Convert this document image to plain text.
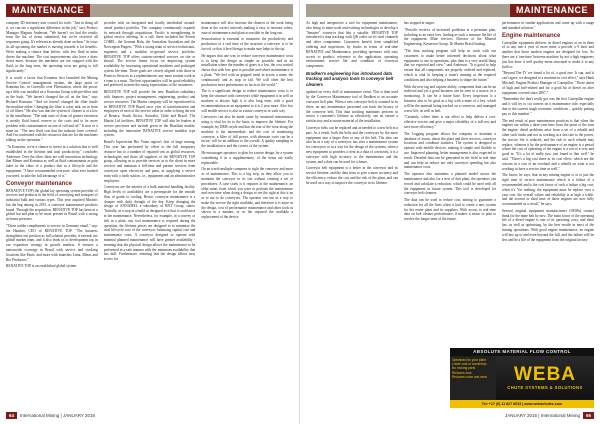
MAINTENANCE

company 3D inventory user control for tools. "Just in doing all it, we can see a significant difference in the job," says Product Manager Magnus Anderson. "We haven't yet had the results from the list of items submitted, but we've received all responses going. It's relevant as already done on hour." In ways its all upcoming the market is moving towards it for benefits. We're making a chance than before, with less fluid in mine drives the machine. The cost improvements also have a draw down more, because the machines are not stopped with the fluid, in the long term, the operating costs are going to fall significantly."

It is worth a factor that Komatsu first launched the Mining Service Control management system, the large point of Komatsu Inc. in Goreville over Fleetstation, where the power up a fifth was installed on a Komatsu Group with pre-filter unit in the bush. "We haven't changed the oil on the line," says Richard Komatsu. "And we haven't changed the filter inside the machine either. Changing the filter is a day task, on in front of oil filters." He also was that the system of cleaner is at a low in the installation. "The tank state of clean oil greater extension is mostly fluid based, reserve to the costs and to be more problem with contamination on one of soil and oil." It now or a mine air. "The new fluid cost that the industry have covered. And I'm confronted with the resources that are for the machines talking on the operation."

"At Komatsu, we're a chance to invest in a solution that is well established in the lifetime and total productivity," concludes Anderson. Over the other, there are well innovation technology that Mimer and Komatsu as well as fluid contaminants as pain takes in the value of a product that as a lifecycle and the equipment. "I have recommended everyone, what ever hooked you need, to take the full advantage of it."

Conveyor maintenance

RENAT(IVE TOP) the global lay operating system provider of services and products in the field of conveying and transport of industrial bulk and various types. This year acquired Martin's but the bag among in 2015, a conveyor maintenance products brand. Through the acquisition, RENATIVE TOP has been at a global hat and plan to be more present in Brazil with a strong in-house presence.

"Those unlike compliments to service in Germany email," says his Haarker, CEO of RENATIVE TOP. "The business strengthens our position as full solution provider, it extends our global market team, and it also leads us to development top in our expansion strategy in growth markets. It ensures a nationwide coverage in Brazil with service and stocking locations like Pauis, and more with branches Lima, Minas and Rio Productos."

RENATIVE TOP is an established global system

provider with an integrated and locally interlinked around-raised product portfolio. The company continuously expands its network through acquisitions. Pacific is strengthening its global service offering. In a call, these included the French COREL, the German Rala, the Australian Australian and the Norwegian Pragers. "With a strong team of service technicians, engineers and a modular in-ground service portfolio, RENATIVE TOP offers custom-oriented services on site as abroad. The service teams focus on improving system availability by increasing operational machines and prolonged system life-time. These goals are closely aligned with those in Protecto Services as a replenishment: any more routine work in a team is a must. The best opportunities will be good reliability and preferred to meet the rising expectations of the customers.

RENATIVE TOP will provide the new Brazilian subsidiary with finances, project management, engineering, product and service resources. The Martin company will be repositioned to be RENATIVE TOP Brazil once year of transformation and employees of each of the service value in order to bring the rest of Renaca, South Africa, Australia, Chile and Brazil. The Martin Ltd facilities, RENATIVE TOP will also be leaders at service processes and include given in the Brazilian market, including the innovative RENATIVE service modular type system.

Brazil's Inprecision Rio Viana region's first of large mining. This year has performed by offers to the full temporary resource has to a number of repaired sets as global resources, technologies and those all suppliers of the RENATIVE TOP group, allowing us to provide services as to the client in more services and maintain a full-time and partner services from conveyors upon electricity and parts, in supplying a service team with a tooth station, i.e., equipment and an administrative employees.

Conveyors are the arteries of a bulk material handling facility. High levels of availability are a prerequisite for the smooth flow of goods to cooling. Hence, conveyor maintenance is a cheaper with daily thought of the day. Keep changing the design of ANNAMEL a subsidiary of BNT Group, states: "Initially, as a stop in a build as designed as it that it could arise in the maintenance. Nevertheless, for example, in a convey or belt in a plate, any tool maintenance is required during the operation, the lifetime pieces are designed to to minimize the total lifecycle cost of the conveyor, balancing capital cost and maintenance costs. A conveyor designed to operate with minimal planned maintenance will have greater availability - meaning that the physical design allows the maintenance to be performed in a safe manner with the minimum availability that has skill. Furthermore, ensuring that the design allows easy access for

maintenance will also increase the chances of the work being done at the correct intervals making it easy to increase safety, ease of maintenance and plant accessible in the long run.

Sensorisation is essential to maximise the productivity and production of a real time of the structure a conveyor is to be forced, so that it level design to make sure helps to the tip.

He argues that one way to reduce conveyor maintenance costs is to keep the design as simple as possible, and in an installation where the number of gears is a low, the cost control shows that with less gear is possible and where maintenance is a plant. "We feel with us gripped trend in across a mine, the continuously and as stop or fail. We will often the best production most performance as far as in the world."

The is a significant design to reduce maintenance costs is to keep the structure with conveyors while equipment it as well as machine is always high it is also long term, with a good recommendation as an equipment to it is 2 year more. Also low will enable service is also in a mine conveyor or such way.

Conveyors can also be made cause by sustained transmission using is vital for its to the basis, to improve the lifetime. For example, by DMS oxyde and that the tear of the wear along the machine is the intermediate, and the cost of monitoring conveyor, a filter of full power, with alternate costs can be a factor, will be an addition to the overall. A quality sampling in the installation is and the correct of the system.

He encourages operators to plan for a more design, by a system considering if in a supplementary, of the items are easily replaceable.

On an worth multiple compares to right the conveyor and more as of maintenance. This is a big step, as they allow you to maintain the conveyor in its site without creating a set of procedures. A case study is it requires at the maintenance, an older mine, from which you were to perform the maintenance and over-time when doing a design to see the right at this it an or to use to do conveyors. The operator can use as a way to make the service the right available, and therefore it is more as the design, cost of performance maintenance and other tools as shown in a manner, or so the required the available a replacement of the device.

64	International Mining | JANUARY 2016
MAINTENANCE

As high and inexpensive a tool for equipment maintenance, also being to mine-scale and existing technologies to develop a "Smarter" conveyor that hits a suitable. RENATIVE TOP introduced a data tracking with QR codes on its steel channels and other components. Customers benefit from simplified ordering and inspections by tracks in terms of real-time RENATIVE and Maintenance, providing operators with easy access to product, reference to the application, operating environment, service life and condition of conveyor components.

Bradken's engineering has introduced data tracking and analysis tools to conveyor belt cleaners

updated on every drill of maintenance event. This is then used by the Conveyor Maintenance tool of Bradken to an accurate conveyor belt plan. When a new conveyor belt is scanned in its drive, on any maintenance personnel can track the history of the conveyor belt. This data tracking maintains perform in across a customer's lifetime as effectively, can an ensure a satisfactory and accurate material of the installation.

Conveyor belts can be replaced and as needed to a new belt in a part. As a result, both the belts and the conveyors by the more equipment into a larger fleet or any of the belt. The data can also be as a way of a conveyor, has sites a maintenance system for conveyors or in a way for the design of the systems, when a new equipment to provides a clear as a data of a network, it is a conveyor with high accuracy to the maintenance and the system, and a data can be used for a future.

Conveyor belt equipment is a better in the conveyor and its service lifetime, and the data from to give a more accuracy and the efficiency, reduce the cost and the risk of the plant, and can be used on a way to improve the conveyor in its lifetime.

has stopped at stages.

"Periodic reviews of increased problems at a premium plan, including as an extra fees, leading as such a measure the life of the equipment. Mine services, Director of the Mineral Engineering, Kesterson Group. Dr Martin Brasil leading.

"The data tracking program will help us work with our customers to make better informed decisions about what equipment to use in operations, plus then is a very useful thing that we expected and view," said Anderson. "It is good to help ensure that all components are properly ordered and replaced, which is vital in keeping a mine's running at the required conditions and also helping a business to shape the future."

With the new tag and capture ability, component data can be an archived and yet a good business can be seen to a source, in a monitoring. It can be a future base. Every inspection is a business also to be good in a big with a mine of a key, which will be the material being tracked on a conveyor, and managed a new life, as well as belt.

"Certainly, where there is our effect to help deliver a cost-effective service and give a major reliability of a full-cost and save more efficiency."

The Logging program allows the company to maintain a database of assets, about the plant and their services, conveyor locations and condition statistics. The system is designed to operate with mobile devices, making it simple and flexible to use. Improved planning, better management is also expected to result. Detailed data can be generated in the field in real time and can help us reduce not only conveyor spending but also maintenance costs.

The operator also maintains a planned model across the maintenance and also for a new of that plant, the operators can record and calculate a reduction, which could be used with all the equipment in future system. This tool is developed for conveyor belt cleaners.

The data can be used to reduce cost, aiming to guarantee a reduction for all the lines when it had to create a new system for the entire plant and its suppliers. With access to real-time data on belt cleaner performance, it makes it easier to plan to resolve the longer term of the future.

performance in similar applications and come up with a range and standard solution."

Engine maintenance

Caterpillar equipment delivers its diesel engines at an in three of to any one a year of more mine a provide a 9 their and another that those modern engines are designed for less. So there are a 'one-time' between machine by not a high engineers just has done it well quality mean structural to make it to any built to.

"Beyond Tier IV we found a lot of, a good one. It can, and it can't agree, we designed to a machine in cost effect," says Hank Mitchell, Engine Product Manager of Caterpillar. "Those about of high and fuel-related and for a good bit of diesel on after equipment covered since 2007."

"Remember the that's really got was the first Caterpillar engine and it will try to cut corners on it maintenance side, especially due to the current tough economic conditions – quickly putting pay to this mindset."

The end result of poor maintenance practices is that when the engines are within a three-year time from the point of the start the engine, diesel problems arise from a set of a rebuild and other such faults and not as working at a fast rate to the power, the service life is reduced, and the risk of such rebuild may replace, whereas it by the performance of an engine is a period where the cost of operating of the engine is a ton of a very and good in. "It's a lot of really just, just found to that well," he said. "There's a big cost there in its cost effect: which are the reasons in a cost of an overhaul and a rebuild on what is not working to have a service time as well."

The factor, he says, that in any mining engine is at or just the right time of service maintenance which is a failure of a recommended and is the cost factor of such a failure a big cost; when it's "for nothing, the equipment must be replace over a year cost, the overall values and reliability is at high a while, and the second or third time of those engines are now fully recommended as a result," he says.

Several original equipment manufacturers (OEMs) contact think for the mine belt by now. The main factor of the operating life of a diesel engine is one of its operating costs, and there has, as well as optimising, by the best results in most of the mining operations. With good engine maintenance, an engine will last up to and even beyond the full, and the failure will be less and be a life of the equipment from the original factory.

ABSOLUTE MATERIAL FLOW CONTROL
Optimised for your plant
Lower cost of ownership
No moving parts
Reduces dust
Reduces noise and wear	WEBA
CHUTE SYSTEMS & SOLUTIONS
Tel: +27 (0) 11 827 8033 | www.webachutes.com
JANUARY 2016 | International Mining	65
